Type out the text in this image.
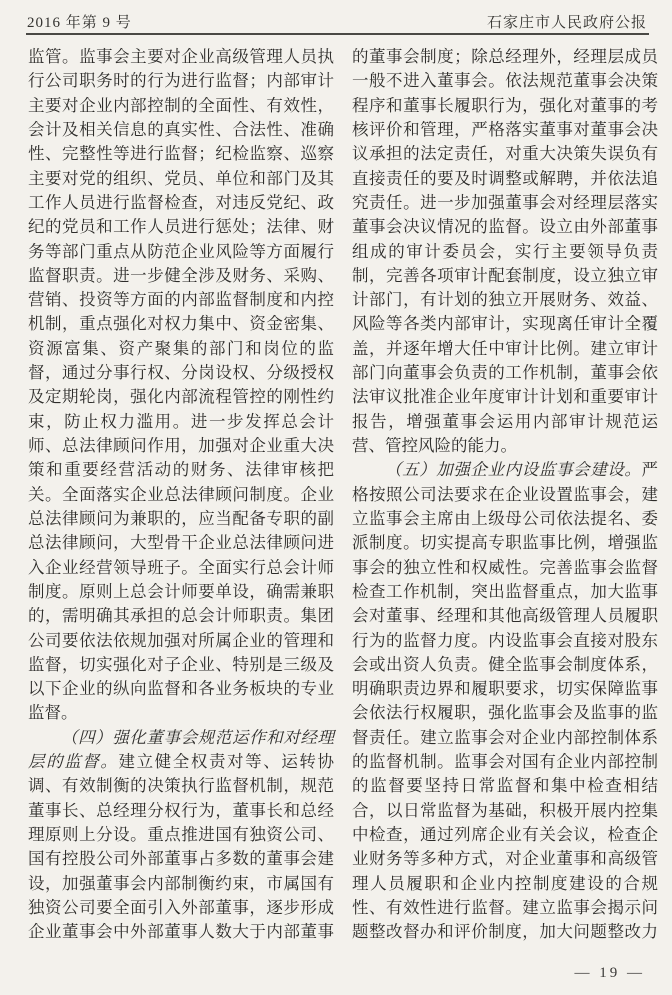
2016 年第 9 号	石家庄市人民政府公报
监管。监事会主要对企业高级管理人员执
行公司职务时的行为进行监督；内部审计
主要对企业内部控制的全面性、有效性，
会计及相关信息的真实性、合法性、准确
性、完整性等进行监督；纪检监察、巡察
主要对党的组织、党员、单位和部门及其
工作人员进行监督检查，对违反党纪、政
纪的党员和工作人员进行惩处；法律、财
务等部门重点从防范企业风险等方面履行
监督职责。进一步健全涉及财务、采购、
营销、投资等方面的内部监督制度和内控
机制，重点强化对权力集中、资金密集、
资源富集、资产聚集的部门和岗位的监
督，通过分事行权、分岗设权、分级授权
及定期轮岗，强化内部流程管控的刚性约
束，防止权力滥用。进一步发挥总会计
师、总法律顾问作用，加强对企业重大决
策和重要经营活动的财务、法律审核把
关。全面落实企业总法律顾问制度。企业
总法律顾问为兼职的，应当配备专职的副
总法律顾问，大型骨干企业总法律顾问进
入企业经营领导班子。全面实行总会计师
制度。原则上总会计师要单设，确需兼职
的，需明确其承担的总会计师职责。集团
公司要依法依规加强对所属企业的管理和
监督，切实强化对子企业、特别是三级及
以下企业的纵向监督和各业务板块的专业
监督。
（四）强化董事会规范运作和对经理
层的监督。建立健全权责对等、运转协
调、有效制衡的决策执行监督机制，规范
董事长、总经理分权行为，董事长和总经
理原则上分设。重点推进国有独资公司、
国有控股公司外部董事占多数的董事会建
设，加强董事会内部制衡约束，市属国有
独资公司要全面引入外部董事，逐步形成
企业董事会中外部董事人数大于内部董事
的董事会制度；除总经理外，经理层成员
一般不进入董事会。依法规范董事会决策
程序和董事长履职行为，强化对董事的考
核评价和管理，严格落实董事对董事会决
议承担的法定责任，对重大决策失误负有
直接责任的要及时调整或解聘，并依法追
究责任。进一步加强董事会对经理层落实
董事会决议情况的监督。设立由外部董事
组成的审计委员会，实行主要领导负责
制，完善各项审计配套制度，设立独立审
计部门，有计划的独立开展财务、效益、
风险等各类内部审计，实现离任审计全覆
盖，并逐年增大任中审计比例。建立审计
部门向董事会负责的工作机制，董事会依
法审议批准企业年度审计计划和重要审计
报告，增强董事会运用内部审计规范运
营、管控风险的能力。
（五）加强企业内设监事会建设。严
格按照公司法要求在企业设置监事会，建
立监事会主席由上级母公司依法提名、委
派制度。切实提高专职监事比例，增强监
事会的独立性和权威性。完善监事会监督
检查工作机制，突出监督重点，加大监事
会对董事、经理和其他高级管理人员履职
行为的监督力度。内设监事会直接对股东
会或出资人负责。健全监事会制度体系，
明确职责边界和履职要求，切实保障监事
会依法行权履职，强化监事会及监事的监
督责任。建立监事会对企业内部控制体系
的监督机制。监事会对国有企业内部控制
的监督要坚持日常监督和集中检查相结
合，以日常监督为基础，积极开展内控集
中检查，通过列席企业有关会议，检查企
业财务等多种方式，对企业董事和高级管
理人员履职和企业内控制度建设的合规
性、有效性进行监督。建立监事会揭示问
题整改督办和评价制度，加大问题整改力
— 19 —
